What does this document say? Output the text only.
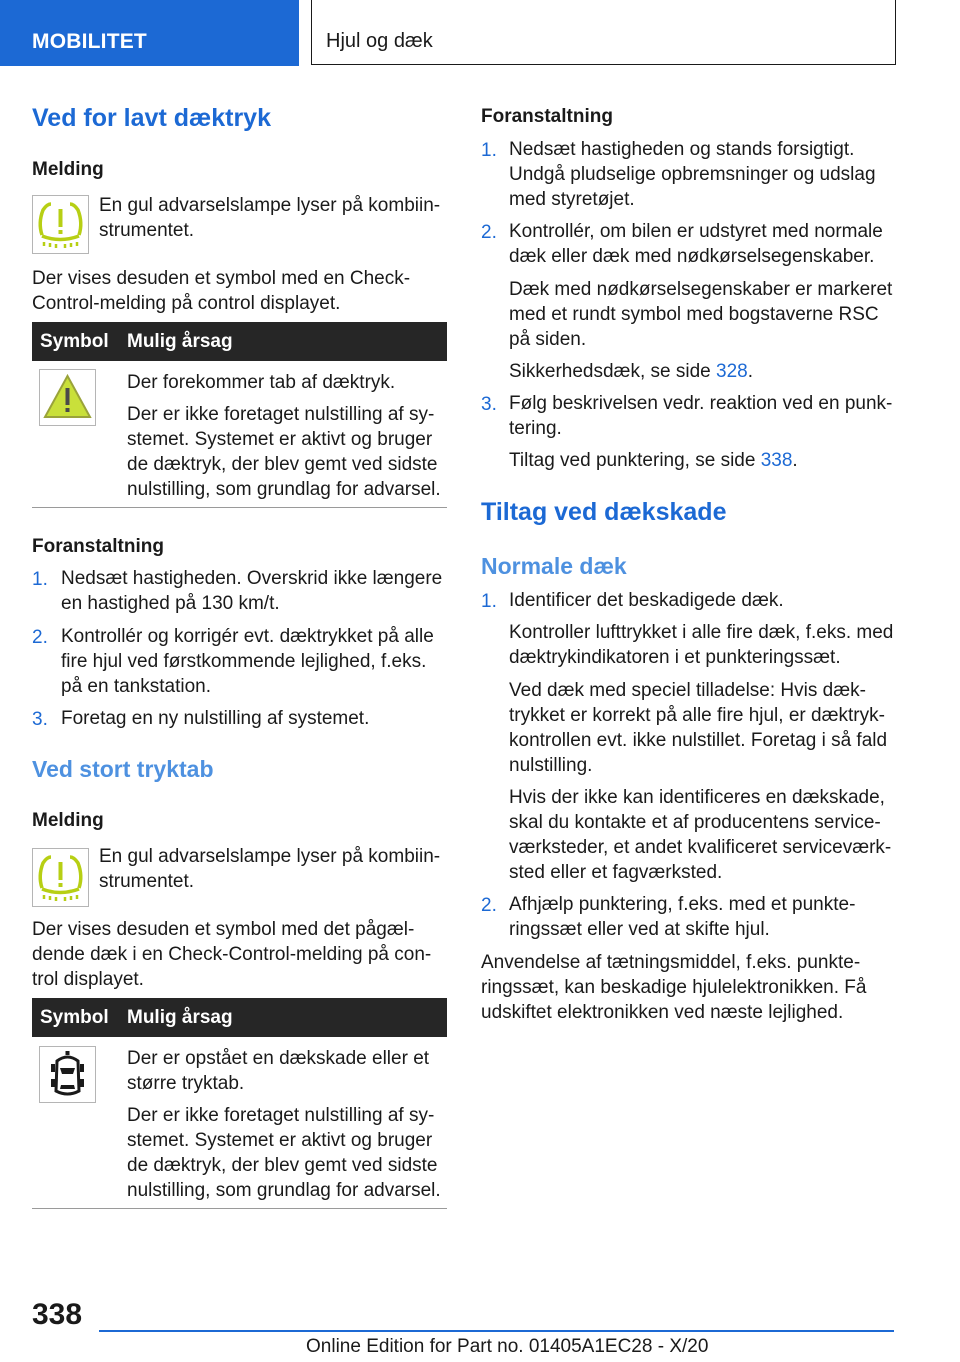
MOBILITET	Hjul og dæk
Ved for lavt dæktryk
Melding
En gul advarselslampe lyser på kombiin-
strumentet.
Der vises desuden et symbol med en Check-
Control-melding på control displayet.
Symbol Mulig årsag
Der forekommer tab af dæktryk.
Der er ikke foretaget nulstilling af sy-
stemet. Systemet er aktivt og bruger
de dæktryk, der blev gemt ved sidste
nulstilling, som grundlag for advarsel.
Foranstaltning
1. Nedsæt hastigheden. Overskrid ikke længere
en hastighed på 130 km/t.
2. Kontrollér og korrigér evt. dæktrykket på alle
fire hjul ved førstkommende lejlighed, f.eks.
på en tankstation.
3. Foretag en ny nulstilling af systemet.
Ved stort tryktab
Melding
En gul advarselslampe lyser på kombiin-
strumentet.
Der vises desuden et symbol med det pågæl-
dende dæk i en Check-Control-melding på con-
trol displayet.
Symbol Mulig årsag
Der er opstået en dækskade eller et
større tryktab.
Der er ikke foretaget nulstilling af sy-
stemet. Systemet er aktivt og bruger
de dæktryk, der blev gemt ved sidste
nulstilling, som grundlag for advarsel.
Foranstaltning
1. Nedsæt hastigheden og stands forsigtigt.
Undgå pludselige opbremsninger og udslag
med styretøjet.
2. Kontrollér, om bilen er udstyret med normale
dæk eller dæk med nødkørselsegenskaber.
Dæk med nødkørselsegenskaber er markeret
med et rundt symbol med bogstaverne RSC
på siden.
Sikkerhedsdæk, se side 328.
3. Følg beskrivelsen vedr. reaktion ved en punk-
tering.
Tiltag ved punktering, se side 338.
Tiltag ved dækskade
Normale dæk
1. Identificer det beskadigede dæk.
Kontroller lufttrykket i alle fire dæk, f.eks. med
dæktrykindikatoren i et punkteringssæt.
Ved dæk med speciel tilladelse: Hvis dæk-
trykket er korrekt på alle fire hjul, er dæktryk-
kontrollen evt. ikke nulstillet. Foretag i så fald
nulstilling.
Hvis der ikke kan identificeres en dækskade,
skal du kontakte et af producentens service-
værksteder, et andet kvalificeret serviceværk-
sted eller et fagværksted.
2. Afhjælp punktering, f.eks. med et punkte-
ringssæt eller ved at skifte hjul.
Anvendelse af tætningsmiddel, f.eks. punkte-
ringssæt, kan beskadige hjulelektronikken. Få
udskiftet elektronikken ved næste lejlighed.
338
Online Edition for Part no. 01405A1EC28 - X/20
